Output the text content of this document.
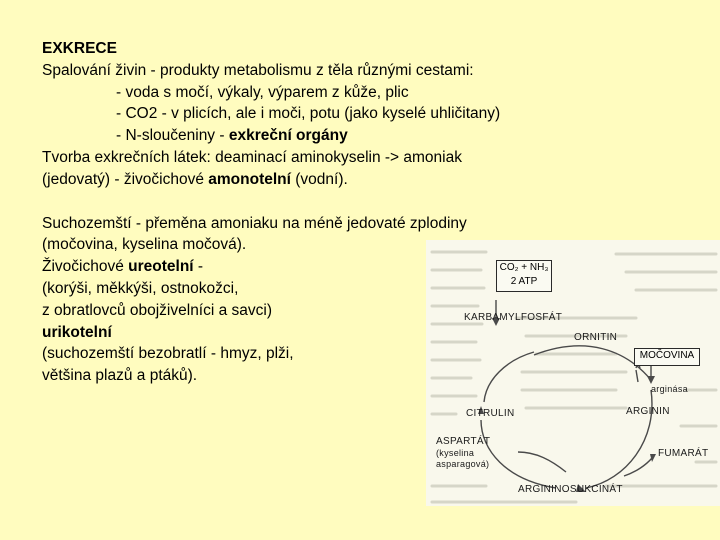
EXKRECE
Spalování živin - produkty metabolismu z těla různými cestami:
- voda s močí, výkaly, výparem z kůže, plic
- CO2 - v plicích, ale i moči, potu (jako kyselé uhličitany)
- N-sloučeniny - exkreční orgány
Tvorba exkrečních látek: deaminací aminokyselin -> amoniak
(jedovatý) - živočichové amonotelní (vodní).
Suchozemští - přeměna amoniaku na méně jedovaté zplodiny
(močovina, kyselina močová).
Živočichové ureotelní -
(korýši, měkkýši, ostnokožci,
z obratlovců obojživelníci a savci)
urikotelní
(suchozemští bezobratlí - hmyz, plži,
většina plazů a ptáků).
CO₂ + NH₃
2 ATP
KARBAMYLFOSFÁT
ORNITIN
MOČOVINA
arginása
ARGININ
CITRULIN
ASPARTÁT
(kyselina
asparagová)
FUMARÁT
ARGININOSUKCINÁT
